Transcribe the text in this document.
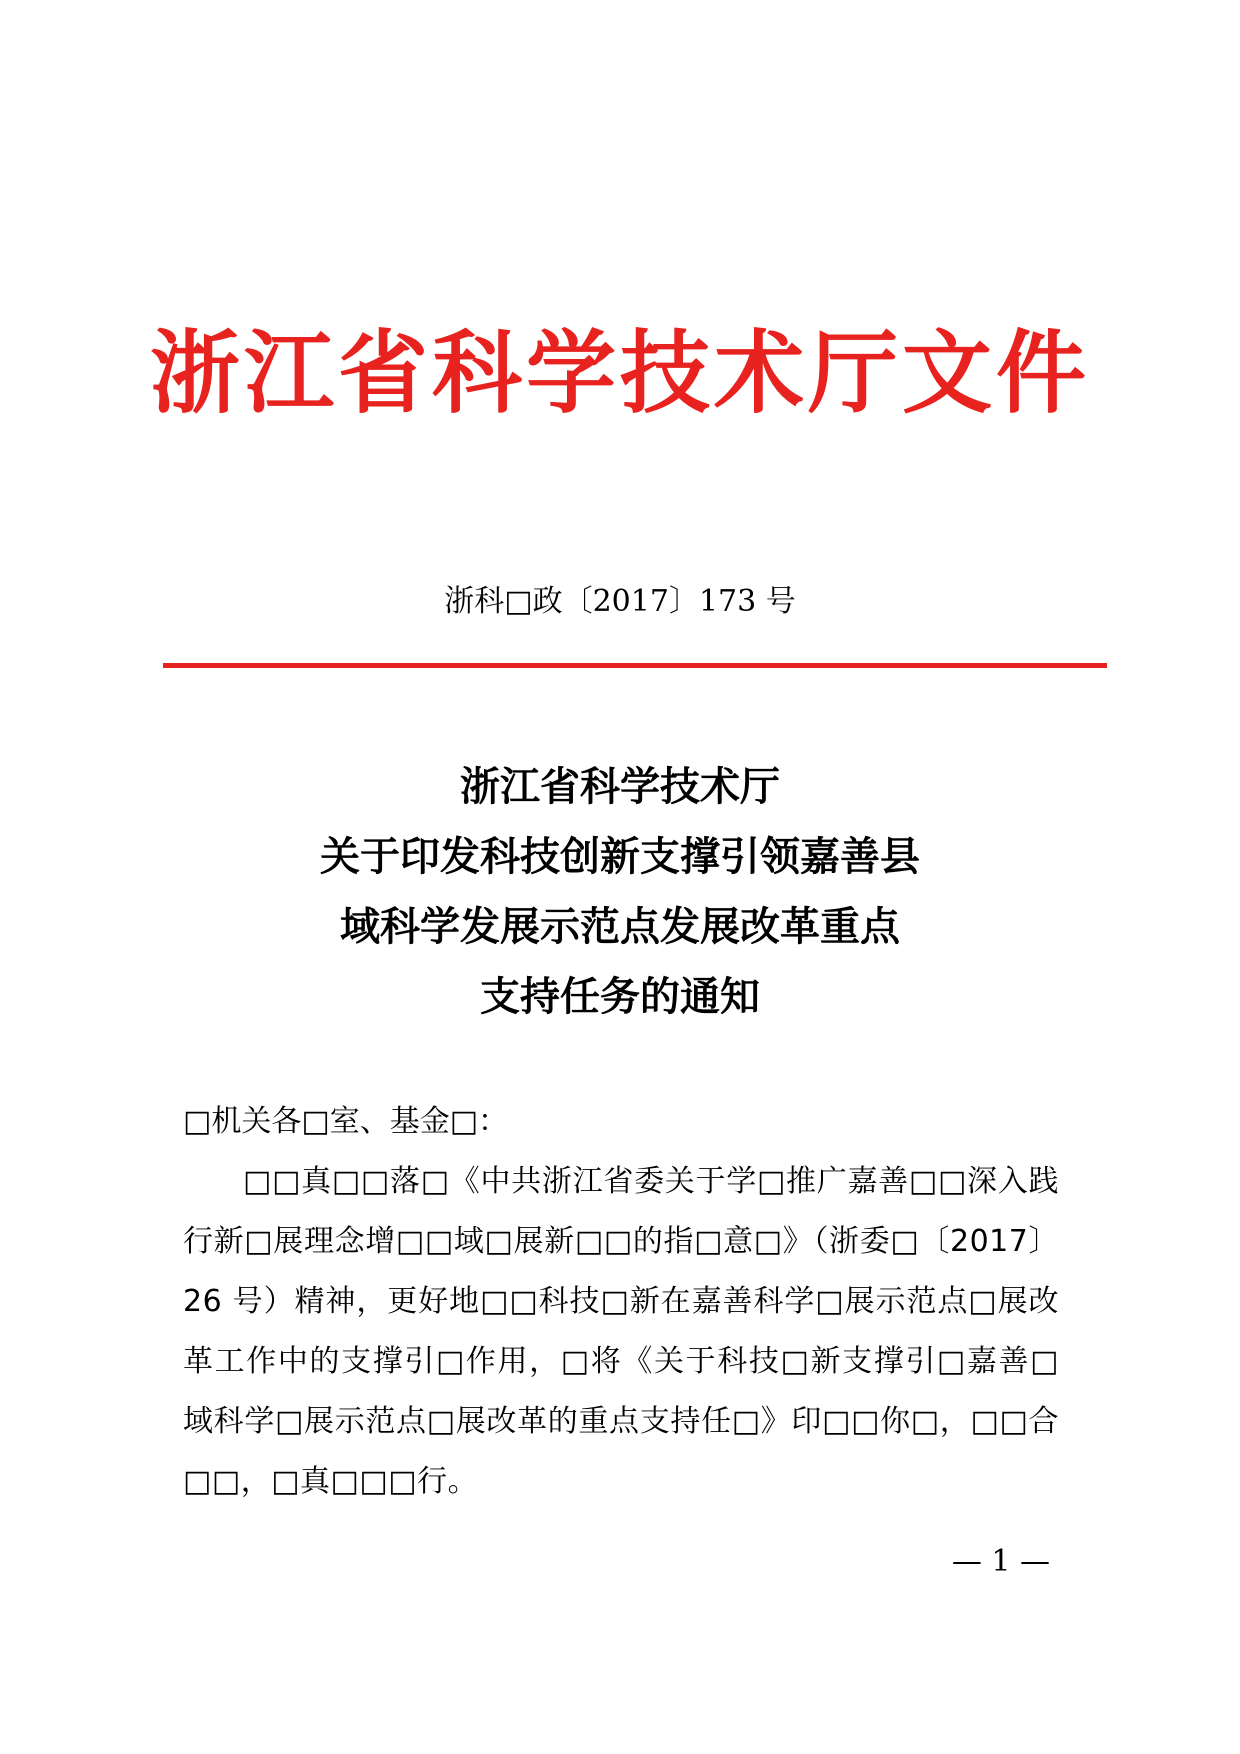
浙江省科学技术厅文件
浙科□政〔2017〕173 号
浙江省科学技术厅
关于印发科技创新支撑引领嘉善县
域科学发展示范点发展改革重点
支持任务的通知
□机关各□室、基金□：
□□真□□落□《中共浙江省委关于学□推广嘉善□□深入践行新□展理念增□□域□展新□□的指□意□》（浙委□〔2017〕26 号）精神，更好地□□科技□新在嘉善科学□展示范点□展改革工作中的支撑引□作用，□将《关于科技□新支撑引□嘉善□域科学□展示范点□展改革的重点支持任□》印□□你□，□□合□□，□真□□□行。
— 1 —
